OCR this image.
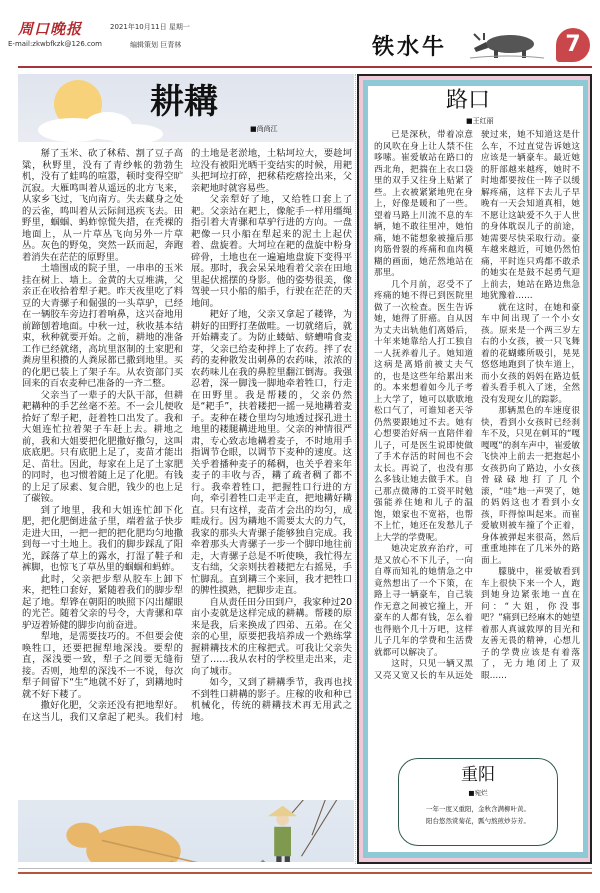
周口晚报
E-mail:zkwbfkzk@126.com
2021年10月11日 星期一
编辑策划 巨青林	铁水牛	7
耕耩
■尚尚江

掰了玉米、砍了秫秸、割了豆子高粱，秋野里，没有了青纱帐的勃勃生机，没有了蛙鸣的喧嚣，顿时变得空旷沉寂。大雁鸣叫着从遥远的北方飞来，从家乡飞过，飞向南方。失去藏身之处的云雀，鸣叫着从云际间迅疾飞去。田野里，蝈蝈、蚂蚱惊慌失措，在秃裸的地面上，从一片草丛飞向另外一片草丛。灰色的野兔，突然一跃而起，奔跑着消失在茫茫的原野里。

土墙围成的院子里，一串串的玉米挂在树上、墙上。金黄的大豆堆满，父亲正在收拾着犁子耙。昨天夜里吃了料豆的大青骡子和倔强的一头草驴，已经在一辆胶车旁边打着响鼻，这兴奋地用前蹄刨着地面。中秋一过，秋收基本结束，秋种就要开始。之前，耕地的准备工作已经就绪，高坑里沤制的土家肥和粪房里积攒的人粪尿都已撒到地里。买的化肥已装上了架子车。从农资部门买回来的百农麦种已准备的一齐二整。

父亲当了一辈子的大队干部，但耕耙耩种的手艺丝毫不差。不一会儿便收拾好了犁子耙，赶着牲口出发了。我和大姐连忙拉着架子车赶上去。耕地之前，我和大姐要把化肥撒好撒匀，这叫底底肥。只有底肥上足了，麦苗才能出足、苗壮。因此，每家在上足了土家肥的同时，也习惯着随上足了化肥。有钱的上足了尿素、复合肥，钱少的也上足了碳铵。

到了地里，我和大姐连忙卸下化肥，把化肥倒进盆子里，端着盆子快步走进大田，一把一把的把化肥均匀地撒到每一寸土地上。我们的脚步踩乱了阳光，踩落了草上的露水，打湿了鞋子和裤脚，也惊飞了草丛里的蝈蝈和蚂蚱。

此时，父亲把步犁从胶车上卸下来，把牲口套好，紧随着我们的脚步犁起了地。犁铧在朝阳的映照下闪出耀眼的光芒。随着父亲的号令，大青骡和草驴迈着矫健的脚步向前奋进。

犁地，是需要技巧的。不但要会使唤牲口，还要把握犁地深浅。要犁的直，深浅要一致，犁子之间要无缝衔接。否则，地犁的深浅不一不说，每次犁子间留下“生”地就不好了，到耩地时就不好下耧了。

撒好化肥，父亲还没有把地犁好。在这当儿，我们又拿起了耙头。我们村的土地是老淤地，土粘坷垃大，要趁坷垃没有被阳光晒干变结实的时候，用耙头把坷垃打碎，把秫秸疙瘩捡出来，父亲耙地时就容易些。

父亲犁好了地，又给牲口套上了耙。父亲站在耙上，像舵手一样用缰绳指引着大青骡和草驴行进的方向。一盘耙像一只小船在犁起来的泥土上起伏着、盘旋着。大坷垃在耙的盘旋中粉身碎骨，土地也在一遍遍地盘旋下变得平展。那时，我会呆呆地看着父亲在田地里起伏摇摆的身影。他的姿势很美，像驾驶一只小船的船手，行驶在茫茫的天地间。

耙好了地，父亲又拿起了耧铧，为耕好的田野打垄做畦。一切就绪后，就开始耩麦了。为防止蝼蛄、蛴螬啃食麦芽，父亲已给麦种拌上了农药。拌了农药的麦种散发出刺鼻的农药味，浓浓的农药味儿在我的鼻腔里翻江倒海。我强忍着，深一脚浅一脚地牵着牲口，行走在田野里。我是帮耧的，父亲仍然是“耙手”，扶着耧把一摇一晃地耩着麦子。麦种在耧仓里均匀地透过探孔进土地里的耧腿耩进地里。父亲的神情很严肃，专心致志地耩着麦子，不时地用手指调节仓眼，以调节下麦种的速度。这关乎着播种麦子的稀稠，也关乎着来年麦子的丰收与否，耩了疏者稠了都不行。我牵着牲口，把握牲口行进的方向，牵引着牲口走平走直，把地耩好耩直。只有这样，麦苗才会出的均匀，成畦成行。因为耩地不需要太大的力气，我家的那头大青骡子能够独自完成。我牵着那头大青骡子一步一个脚印地往前走，大青骡子总是不听使唤，我忙得左支右绌，父亲则扶着耧把左右摇晃，手忙脚乱。直到耩三个来回，我才把牲口的脾性摸熟，把脚步走直。

自从责任田分田到户，我家种过20亩小麦就是这样完成的耕耩。帮耧的原来是我，后来换成了四弟、五弟。在父亲的心里，原要把我培养成一个熟练掌握耕耩技术的庄稼把式。可我让父亲失望了……我从农村的学校里走出来，走向了城市。

如今，又到了耕耩季节，我再也找不到牲口耕耩的影子。庄稼的收和种已机械化，传统的耕耩技术再无用武之地。

路口
■王红丽

已是深秋，带着凉意的风吹在身上让人禁不住哆嗦。崔爱敏站在路口的西北角，把揣在上衣口袋里的双手又往身上贴紧了些。上衣被紧紧地兜在身上，好像是暖和了一些。望着马路上川流不息的车辆，她不敢往里冲，她怕痛，她不能想象被撞后那肉筋骨裂的疼痛和血肉模糊的画面，她茫然地站在那里。

几个月前，忍受不了疼痛的她不得已到医院里做了一次检查。医生告诉她，她得了肝癌。自从因为丈夫出轨他们离婚后，十年来她靠给人打工独自一人抚养着儿子。她知道这病是离婚前被丈夫气的，也是这些年给累出来的。本来想着如今儿子考上大学了，她可以歇歇地松口气了，可谁知老天爷仍然要跟她过不去。她有心想要治好病一直陪伴着儿子，可是医生说即使做了手术存活的时间也不会太长。再说了，也没有那么多钱让她去做手术。自己那点微薄的工资平时勉强能养住她和儿子的温饱，娘家也不宽裕，也帮不上忙，她还在发愁儿子上大学的学费呢。

她决定放弃治疗，可是又放心不下儿子，一向自尊而知礼的她情急之中竟然想出了一个下策，在路上寻一辆豪车，自己装作无意之间被它撞上，开豪车的人都有钱，怎么着也得赔个几十万吧，这样儿子几年的学费和生活费就都可以解决了。

这时，只见一辆又黑又亮又宽又长的车从远处驶过来，她不知道这是什么车，不过直觉告诉她这应该是一辆豪车。最近她的肝部越来越疼，她时不时地都要按住一阵子以缓解疼痛，这样下去儿子早晚有一天会知道真相，她不愿让这缺爱不久于人世的身体耽误儿子的前途，她需要尽快采取行动。豪车越来越近，可她仍然怕痛，平时连只鸡都不敢杀的她实在是鼓不起勇气迎上前去，她站在路边焦急地犹豫着……

就在这时，在她和豪车中间出现了一个小女孩。原来是一个两三岁左右的小女孩，被一只飞舞着的花蝴蝶所吸引，晃晃悠悠地跑到了快车道上，而小女孩的妈妈在路边低着头看手机入了迷，全然没有发现女儿的踪影。

那辆黑色的车速度很快，看到小女孩时已经刹车不及，只见在刺耳的“嘎嘎嘎”的刹车声中，崔爱敏飞快冲上前去一把抱起小女孩扔向了路边，小女孩骨碌碌地打了几个滚，“哇”地一声哭了，她的妈妈这也才看到小女孩，吓得惊叫起来。而崔爱敏则被车撞了个正着，身体被弹起来很高，然后重重地摔在了几米外的路面上。

朦胧中，崔爱敏看到车上很快下来一个人，跑到她身边紧张地一直在问：“大姐，你没事吧？”痛到已经麻木的她望着那人真诚敦厚的目光和友善无畏的精神，心想儿子的学费应该是有着落了，无力地闭上了双眼……

重阳
■宛烂
一年一度又重阳，金秋含满柳叶黄。
阳台悠然赏菊花，瓢勺熬煎炒芬芳。
